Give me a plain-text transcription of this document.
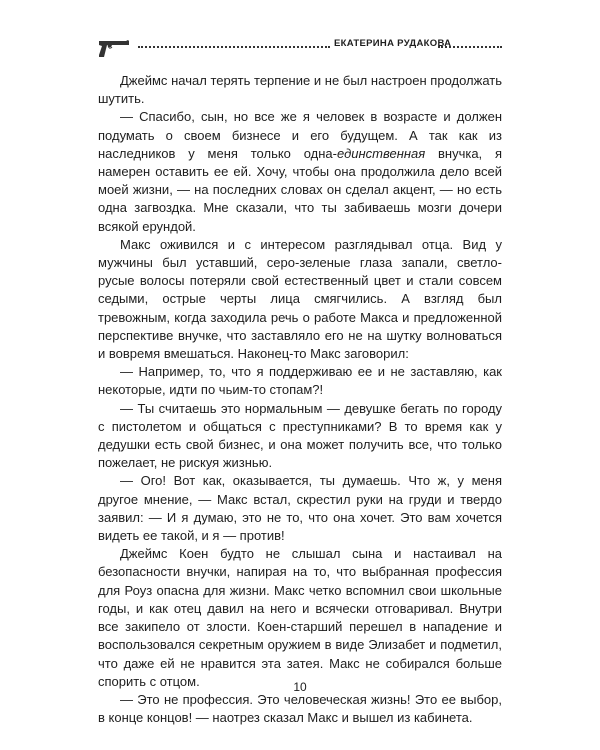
ЕКАТЕРИНА РУДАКОВА

Джеймс начал терять терпение и не был настроен продолжать шутить.

— Спасибо, сын, но все же я человек в возрасте и должен подумать о своем бизнесе и его будущем. А так как из наследников у меня только одна-единственная внучка, я намерен оставить ее ей. Хочу, чтобы она продолжила дело всей моей жизни, — на последних словах он сделал акцент, — но есть одна загвоздка. Мне сказали, что ты забиваешь мозги дочери всякой ерундой.

Макс оживился и с интересом разглядывал отца. Вид у мужчины был уставший, серо-зеленые глаза запали, светло-русые волосы потеряли свой естественный цвет и стали совсем седыми, острые черты лица смягчились. А взгляд был тревожным, когда заходила речь о работе Макса и предложенной перспективе внучке, что заставляло его не на шутку волноваться и вовремя вмешаться. Наконец-то Макс заговорил:

— Например, то, что я поддерживаю ее и не заставляю, как некоторые, идти по чьим-то стопам?!

— Ты считаешь это нормальным — девушке бегать по городу с пистолетом и общаться с преступниками? В то время как у дедушки есть свой бизнес, и она может получить все, что только пожелает, не рискуя жизнью.

— Ого! Вот как, оказывается, ты думаешь. Что ж, у меня другое мнение, — Макс встал, скрестил руки на груди и твердо заявил: — И я думаю, это не то, что она хочет. Это вам хочется видеть ее такой, и я — против!

Джеймс Коен будто не слышал сына и настаивал на безопасности внучки, напирая на то, что выбранная профессия для Роуз опасна для жизни. Макс четко вспомнил свои школьные годы, и как отец давил на него и всячески отговаривал. Внутри все закипело от злости. Коен-старший перешел в нападение и воспользовался секретным оружием в виде Элизабет и подметил, что даже ей не нравится эта затея. Макс не собирался больше спорить с отцом.

— Это не профессия. Это человеческая жизнь! Это ее выбор, в конце концов! — наотрез сказал Макс и вышел из кабинета.

10
